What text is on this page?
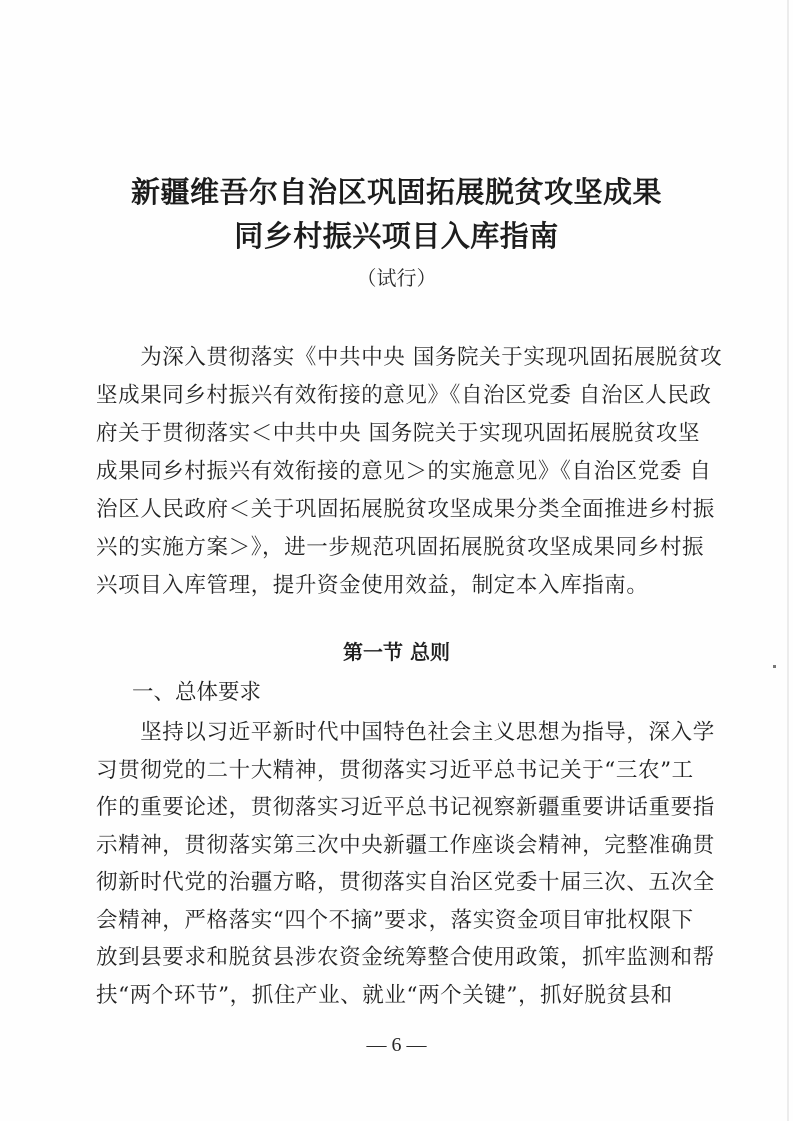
新疆维吾尔自治区巩固拓展脱贫攻坚成果
同乡村振兴项目入库指南
（试行）
　　为深入贯彻落实《中共中央 国务院关于实现巩固拓展脱贫攻
坚成果同乡村振兴有效衔接的意见》《自治区党委 自治区人民政
府关于贯彻落实＜中共中央 国务院关于实现巩固拓展脱贫攻坚
成果同乡村振兴有效衔接的意见＞的实施意见》《自治区党委 自
治区人民政府＜关于巩固拓展脱贫攻坚成果分类全面推进乡村振
兴的实施方案＞》，进一步规范巩固拓展脱贫攻坚成果同乡村振
兴项目入库管理，提升资金使用效益，制定本入库指南。
第一节 总则
一、总体要求
　　坚持以习近平新时代中国特色社会主义思想为指导，深入学
习贯彻党的二十大精神，贯彻落实习近平总书记关于“三农”工
作的重要论述，贯彻落实习近平总书记视察新疆重要讲话重要指
示精神，贯彻落实第三次中央新疆工作座谈会精神，完整准确贯
彻新时代党的治疆方略，贯彻落实自治区党委十届三次、五次全
会精神，严格落实“四个不摘”要求，落实资金项目审批权限下
放到县要求和脱贫县涉农资金统筹整合使用政策，抓牢监测和帮
— 6 —
扶“两个环节”，抓住产业、就业“两个关键”，抓好脱贫县和
